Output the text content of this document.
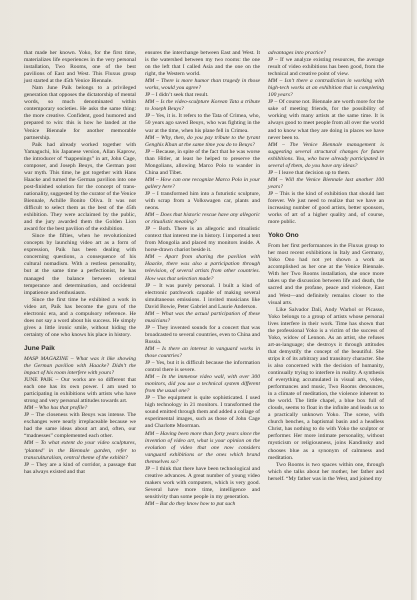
that made her known. Yoko, for the first time, materializes life experiences in the very personal installation, Two Rooms, one of the best pavilions of East and West. This Fluxus group just started at the 45th Venice Biennale.

Nam June Paik belongs to a privileged generation that opposes the dictatorship of mental words, so much denominated within contemporary societies. He asks the same thing: the more creative. Confident, good humored and prepared to win: this is how he landed at the Venice Biennale for another memorable partnership.

Paik had already worked together with Yamaguchi, his Japanese version, Allan Kaprow, the introducer of “happenings” in art, John Cage, composer, and Joseph Beuys, the German post war myth. This time, he got together with Hans Haacke and turned the German pavilion into one post-finished solution for the concept of trans-nationality, suggested by the curator of the Venice Biennale, Achille Bonito Oliva. It was not difficult to select them as the best of the 45th exhibition. They were acclaimed by the public, and the jury awarded them the Golden Lion award for the best pavilion of the exhibition.

Since the fifties, when he revolutionized concepts by launching video art as a form of expression, Paik has been dealing with concerning questions, a consequence of his cultural nomadism. With a restless personality, but at the same time a perfectionist, he has managed the balance between oriental temperance and determination, and occidental impatience and enthusiasm.

Since the first time he exhibited a work in video art, Paik has become the guru of the electronic era, and a compulsory reference. He does not say a word about his success. He simply gives a little ironic smile, without hiding the certainty of one who knows his place in history.

June Paik

MASP MAGAZINE – What was it like showing the German pavilion with Haacke? Didn’t the impact of his room interfere with yours?

JUNE PAIK – Our works are so different that each one has its own power. I am used to participating in exhibitions with artists who have strong and very personal attitudes towards art.

MM – Who has that profile?

JP – The closeness with Beuys was intense. The exchanges were nearly irreplaceable because we had the same ideas about art and, often, our “madnesses” complemented each other.

MM – To what extent do your video sculptures, ‘planted’ in the Biennale garden, refer to transculturalism, central theme of the exhibit?

JP – They are a kind of corridor, a passage that has always existed and that

ensures the interchange between East and West. It is the watershed between my two rooms: the one on the left that I called Asia and the one on the right, the Western world.

MM – There is more humor than tragedy in those works, would you agree?

JP – I didn’t seek that result.

MM – Is the video-sculpture Korean Tata a tribute to Joseph Beuys?

JP – Yes, it is. It refers to the Tata of Crimea, who, 50 years ago saved Beuys, who was fighting in the war at the time, when his plane fell in Crimea.

MM – Why, then, do you pay tribute to the tyrant Genghis Khan at the same time you do to Beuys?

JP – Because, in spite of the fact that he was worse than Hitler, at least he helped to preserve the Mongolians, allowing Marco Polo to wander in China and Tibet.

MM – How can one recognize Marco Polo in your gallery here?

JP – I transformed him into a futuristic sculpture, with scrap from a Volkswagen car, plants and neons.

MM – Does that historic rescue have any allegoric or ritualistic meaning?

JP – Both. There is an allegoric and ritualistic context that interest me in history. I imported a tent from Mongolia and placed my monitors inside. A horse-drawn chariot beside it.

MM – Apart from sharing the pavilion with Haacke, there was also a participation through television, of several artists from other countries. How was that selection made?

JP – It was purely personal. I built a kind of electronic patchwork capable of making several simultaneous emissions. I invited musicians like David Bowie, Peter Gabriel and Laurie Anderson.

MM – What was the actual participation of these musicians?

JP – They invented sounds for a concert that was broadcasted to several countries, even to China and Russia.

MM – Is there an interest in vanguard works in those countries?

JP – Yes, but it is difficult because the information control there is severe.

MM – In the immense video wall, with over 300 monitors, did you use a technical system different from the usual one?

JP – The equipment is quite sophisticated. I used high technology in 21 monitors. I transformed the sound emitted through them and added a collage of experimental images, such as those of John Cage and Charlotte Moorman.

MM – Having been more than forty years since the invention of video art, what is your opinion on the evolution of video that one now considers vanguard exhibitions or the ones which brand themselves so?

JP – I think that there have been technological and creative advances. A great number of young video makers work with computers, which is very good. Several have more time, intelligence and sensitivity than some people in my generation.

MM – But do they know how to put such

advantages into practice?

JP – If we analyze existing resources, the average result of video exhibitions has been good, from the technical and creative point of view.

MM – Isn’t there a contradiction in working with high-tech works at an exhibition that is completing 100 years?

JP – Of course not. Biennale are worth more for the sake of meeting friends, for the possibility of working with many artists at the same time. It is always good to meet people from all over the world and to know what they are doing in places we have never been to.

MM – The Venice Biennale management is suggesting several structural changes for future exhibitions. You, who have already participated in several of them, do you have any ideas?

JP – I leave that decision up to them.

MM – Will the Venice Biennale last another 100 years?

JP – This is the kind of exhibition that should last forever. We just need to realize that we have an increasing number of good artists, better sponsors, works of art of a higher quality and, of course, more public.

Yoko Ono

From her first performances in the Fluxus group to her most recent exhibitions in Italy and Germany, Yoko Ono had not yet shown a work as accomplished as her one at the Venice Biennale. With her Two Rooms installation, she once more takes up the discussion between life and death, the sacred and the profane, peace and violence, East and West—and definitely remains closer to the visual arts.

Like Salvador Dalí, Andy Warhol or Picasso, Yoko belongs to a group of artists whose personal lives interfere in their work. Time has shown that the professional Yoko is a victim of the success of Yoko, widow of Lennon. As an artist, she refuses art-as-language; she destroys it through attitudes that demystify the concept of the beautiful. She strips it of its arbitrary and transitory character. She is also concerned with the decision of humanity, continually trying to interfere in reality. A synthesis of everything accumulated in visual arts, video, performances and music, Two Rooms denounces, in a climate of meditation, the violence inherent to the world. The little chapel, a blue box full of clouds, seems to float in the infinite and leads us to a practically unknown Yoko. The scene, with church benches, a baptismal basin and a headless Christ, has nothing to do with Yoko the sculptor or performer. Her more intimate personality, without mysticism or religiousness, joins Kandinsky and chooses blue as a synonym of calmness and meditation.

Two Rooms is two spaces within one, through which she talks about her mother, her father and herself. “My father was in the West, and joined my
